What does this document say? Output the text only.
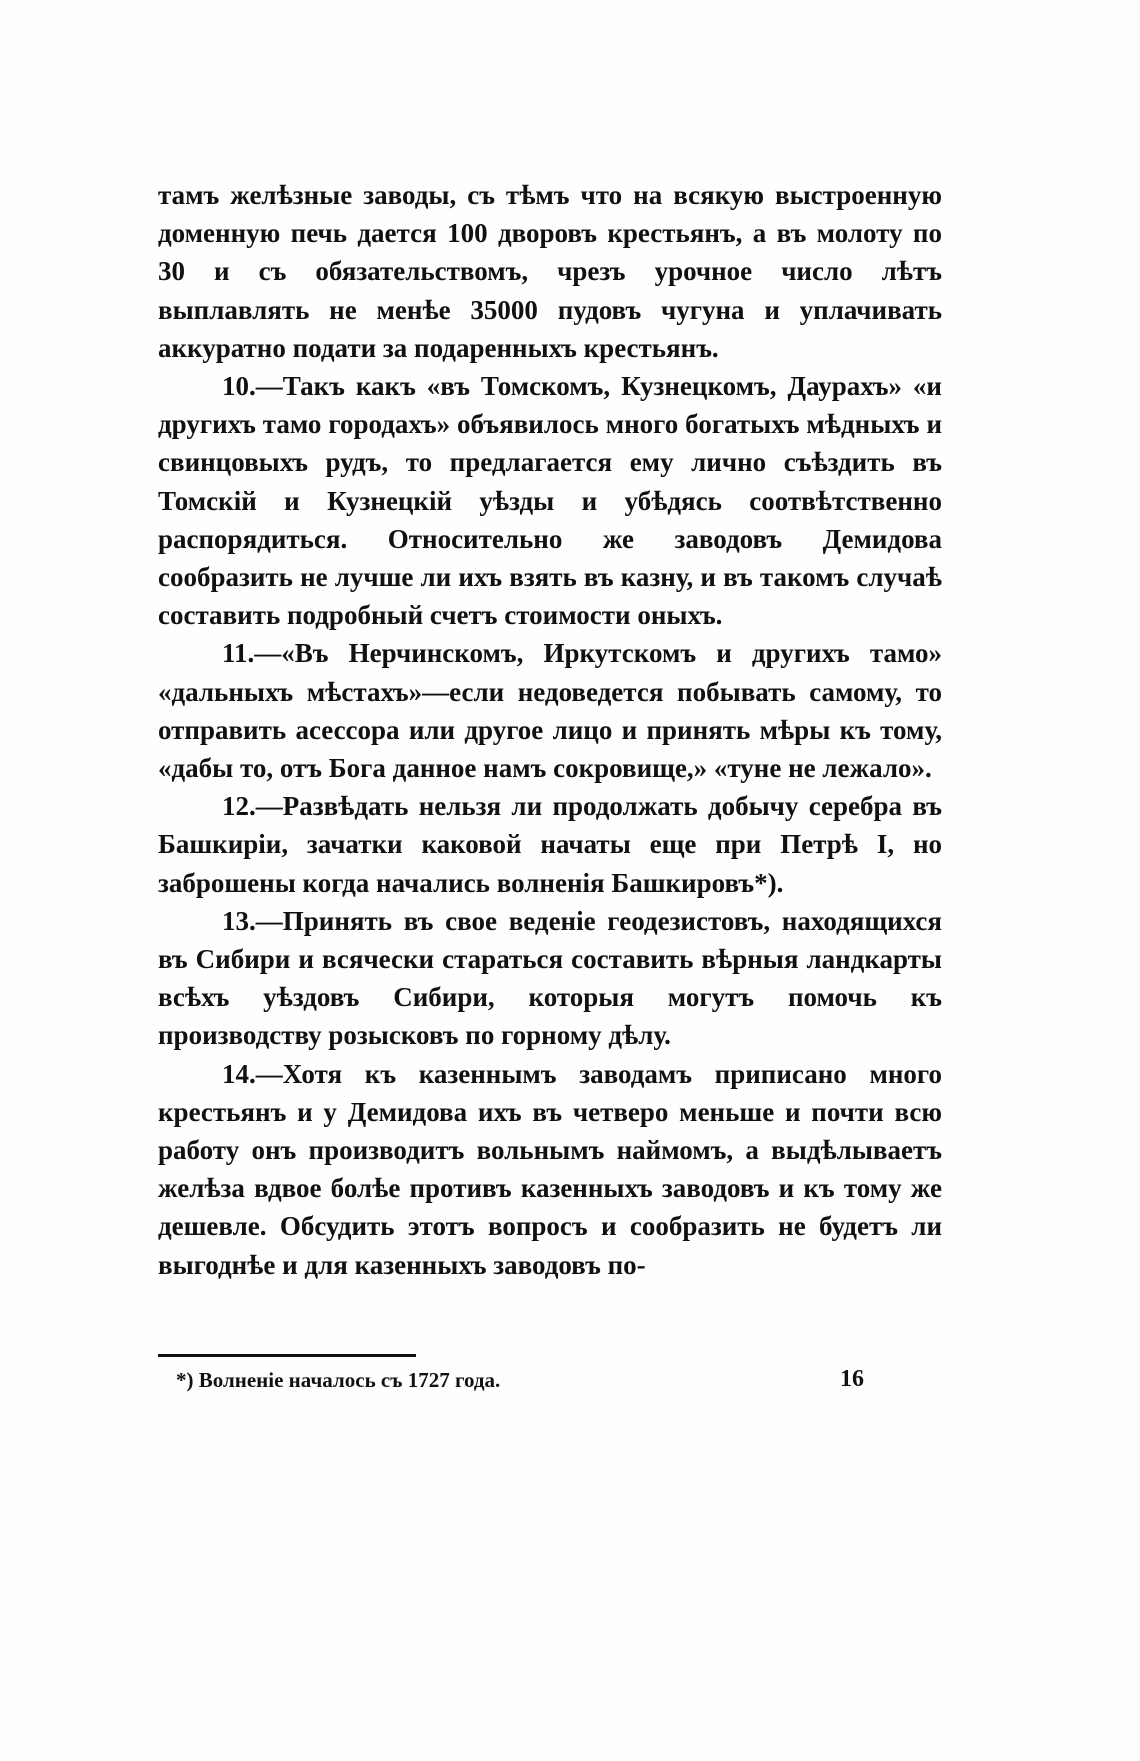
тамъ желѣзные заводы, съ тѣмъ что на всякую выстроенную доменную печь дается 100 дворовъ крестьянъ, а въ молоту по 30 и съ обязательствомъ, чрезъ урочное число лѣтъ выплавлять не менѣе 35000 пудовъ чугуна и уплачивать аккуратно подати за подаренныхъ крестьянъ.

10.—Такъ какъ «въ Томскомъ, Кузнецкомъ, Даурахъ» «и другихъ тамо городахъ» объявилось много богатыхъ мѣдныхъ и свинцовыхъ рудъ, то предлагается ему лично съѣздить въ Томскій и Кузнецкій уѣзды и убѣдясь соотвѣтственно распорядиться. Относительно же заводовъ Демидова сообразить не лучше ли ихъ взять въ казну, и въ такомъ случаѣ составить подробный счетъ стоимости оныхъ.

11.—«Въ Нерчинскомъ, Иркутскомъ и другихъ тамо» «дальныхъ мѣстахъ»—если недоведется побывать самому, то отправить асессора или другое лицо и принять мѣры къ тому, «дабы то, отъ Бога данное намъ сокровище,» «туне не лежало».

12.—Развѣдать нельзя ли продолжать добычу серебра въ Башкиріи, зачатки каковой начаты еще при Петрѣ I, но заброшены когда начались волненія Башкировъ*).

13.—Принять въ свое веденіе геодезистовъ, находящихся въ Сибири и всячески стараться составить вѣрныя ландкарты всѣхъ уѣздовъ Сибири, которыя могутъ помочь къ производству розысковъ по горному дѣлу.

14.—Хотя къ казеннымъ заводамъ приписано много крестьянъ и у Демидова ихъ въ четверо меньше и почти всю работу онъ производитъ вольнымъ наймомъ, а выдѣлываетъ желѣза вдвое болѣе противъ казенныхъ заводовъ и къ тому же дешевле. Обсудить этотъ вопросъ и сообразить не будетъ ли выгоднѣе и для казенныхъ заводовъ по-

*) Волненіе началось съ 1727 года.	16
